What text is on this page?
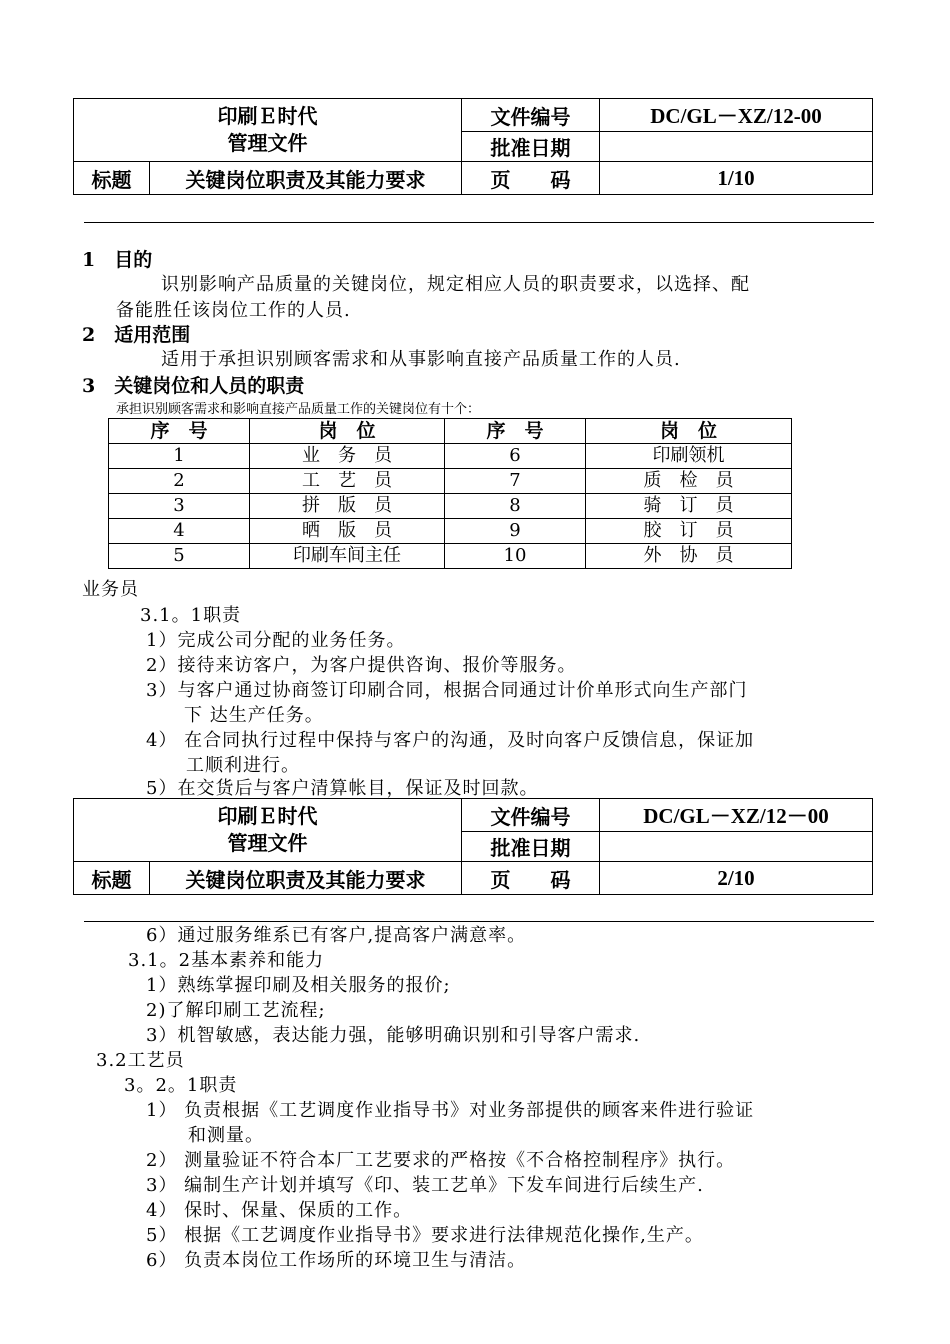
印刷Ｅ时代
管理文件		文件编号	DC/GL－XZ/12-00
		批准日期	
标题	关键岗位职责及其能力要求	页　　码	1/10
1　目的
识别影响产品质量的关键岗位，规定相应人员的职责要求，以选择、配
备能胜任该岗位工作的人员.
2　适用范围
适用于承担识别顾客需求和从事影响直接产品质量工作的人员.
3　关键岗位和人员的职责
承担识别顾客需求和影响直接产品质量工作的关键岗位有十个：
序　号	岗　位	序　号	岗　位
1	业　务　员	6	印刷领机
2	工　艺　员	7	质　检　员
3	拼　版　员	8	骑　订　员
4	晒　版　员	9	胶　订　员
5	印刷车间主任	10	外　协　员
业务员
3.1。1职责
1）完成公司分配的业务任务。
2）接待来访客户，为客户提供咨询、报价等服务。
3）与客户通过协商签订印刷合同，根据合同通过计价单形式向生产部门
下 达生产任务。
4） 在合同执行过程中保持与客户的沟通，及时向客户反馈信息，保证加
工顺利进行。
5）在交货后与客户清算帐目，保证及时回款。
印刷Ｅ时代
管理文件		文件编号	DC/GL－XZ/12－00
		批准日期	
标题	关键岗位职责及其能力要求	页　　码	2/10
6）通过服务维系已有客户,提高客户满意率。
3.1。2基本素养和能力
1）熟练掌握印刷及相关服务的报价;
2)了解印刷工艺流程;
3）机智敏感，表达能力强，能够明确识别和引导客户需求.
3.2工艺员
3。2。1职责
1） 负责根据《工艺调度作业指导书》对业务部提供的顾客来件进行验证
和测量。
2） 测量验证不符合本厂工艺要求的严格按《不合格控制程序》执行。
3） 编制生产计划并填写《印、装工艺单》下发车间进行后续生产.
4） 保时、保量、保质的工作。
5） 根据《工艺调度作业指导书》要求进行法律规范化操作,生产。
6） 负责本岗位工作场所的环境卫生与清洁。
